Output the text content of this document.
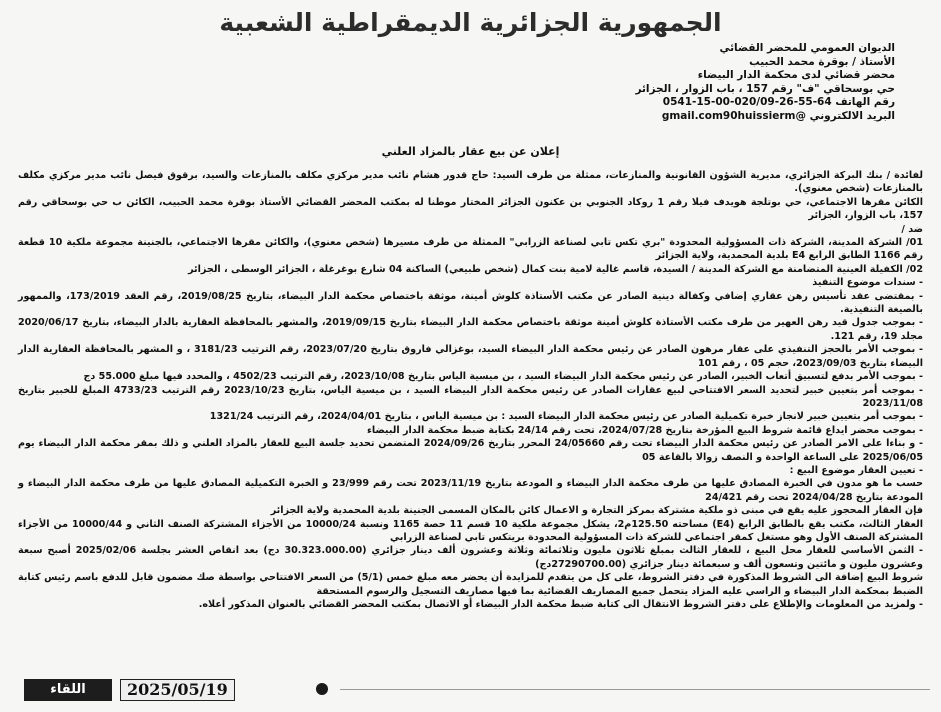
الجمهورية الجزائرية الديمقراطية الشعبية
الديوان العمومي للمحضر القضائي
الأستاذ / بوقرة محمد الحبيب
محضر قضائي لدى محكمة الدار البيضاء
حي بوسحاقي "ف" رقم 157 ، باب الزوار ، الجزائر
رقم الهاتف 64-55-26-020/09-00-15-0541
البريد الالكتروني @gmail.com90huissierm
إعلان عن بيع عقار بالمزاد العلني

لفائدة / بنك البركة الجزائري، مديرية الشؤون القانونية والمنازعات، ممثلة من طرف السيد: حاج قدور هشام نائب مدير مركزي مكلف بالمنازعات والسيد، برقوق فيصل نائب مدير مركزي مكلف بالمنازعات (شخص معنوي).

الكائن مقرها الاجتماعي، حي بوتلجة هويدف فيلا رقم 1 روكاد الجنوبي بن عكنون الجزائر المختار موطنا له بمكتب المحضر القضائي الأستاذ بوقرة محمد الحبيب، الكائن ب حي بوسحاقي رقم 157، باب الزوار، الجزائر

ضد /

01/ الشركة المدينة، الشركة ذات المسؤولية المحدودة "بري تكس تابي لصناعة الزرابي" الممثلة من طرف مسيرها (شخص معنوي)، والكائن مقرها الاجتماعي، بالجنينة مجموعة ملكية 10 قطعة رقم 1166 الطابق الرابع E4 بلدية المحمدية، ولاية الجزائر

02/ الكفيلة العينية المتضامنة مع الشركة المدينة / السيدة، قاسم غالية لامية بنت كمال (شخص طبيعي) الساكنة 04 شارع بوغرغلة ، الجزائر الوسطى ، الجزائر

- سندات موضوع التنفيذ

- بمقتضى عقد تأسيس رهن عقاري إضافي وكفالة دينية الصادر عن مكتب الأستاذة كلوش أمينة، موثقة باختصاص محكمة الدار البيضاء، بتاريخ 2019/08/25، رقم العقد 173/2019، والممهور بالصيغة التنفيذية.

- بموجب جدول قيد رهن العهير من طرف مكتب الأستاذة كلوش أمينة موثقة باختصاص محكمة الدار البيضاء بتاريخ 2019/09/15، والمشهر بالمحافظة العقارية بالدار البيضاء، بتاريخ 2020/06/17 مجلد 19، رقم 121.

- بموجب الأمر بالحجز التنفيذي على عقار مرهون الصادر عن رئيس محكمة الدار البيضاء السيد، بوغزالي فاروق بتاريخ 2023/07/20، رقم الترتيب 3181/23 ، و المشهر بالمحافظة العقارية الدار البيضاء بتاريخ 2023/09/03، حجم 05 ، رقم 101

- بموجب الأمر بدفع لتسبيق أتعاب الخبير، الصادر عن رئيس محكمة الدار البيضاء السيد ، بن ميسية الياس بتاريخ 2023/10/08، رقم الترتيب 4502/23 ، والمحدد فيها مبلغ 55.000 دج

- بموجب أمر بتعيين خبير لتحديد السعر الافتتاحي لبيع عقارات الصادر عن رئيس محكمة الدار البيضاء السيد ، بن ميسية الياس، بتاريخ 2023/10/23 رقم الترتيب 4733/23 المبلغ للخبير بتاريخ 2023/11/08

- بموجب أمر بتعيين خبير لانجاز خبرة تكميلية الصادر عن رئيس محكمة الدار البيضاء السيد : بن ميسية الياس ، بتاريخ 2024/04/01، رقم الترتيب 1321/24

- بموجب محضر ايداع قائمة شروط البيع المؤرخة بتاريخ 2024/07/28، تحت رقم 24/14 بكتابة ضبط محكمة الدار البيضاء

- و بناءا على الامر الصادر عن رئيس محكمة الدار البيضاء تحت رقم 24/05660 المحرر بتاريخ 2024/09/26 المتضمن تحديد جلسة البيع للعقار بالمزاد العلني و ذلك بمقر محكمة الدار البيضاء يوم 2025/06/05 على الساعة الواحدة و النصف زوالا بالقاعة 05

- تعيين العقار موضوع البيع :

حسب ما هو مدون في الخبرة المصادق عليها من طرف محكمة الدار البيضاء و المودعة بتاريخ 2023/11/19 تحت رقم 23/999 و الخبرة التكميلية المصادق عليها من طرف محكمة الدار البيضاء و المودعة بتاريخ 2024/04/28 تحت رقم 24/421

فإن العقار المحجوز عليه يقع في مبنى ذو ملكية مشتركة بمركز التجارة و الاعمال كائن بالمكان المسمى الجنينة بلدية المحمدية ولاية الجزائر

العقار الثالث، مكتب يقع بالطابق الرابع (E4) مساحته 125.50م2، يشكل مجموعة ملكية 10 قسم 11 حصة 1165 ونسبة 10000/24 من الأجزاء المشتركة الصنف الثاني و 10000/44 من الأجزاء المشتركة الصنف الأول وهو مستغل كمقر اجتماعي للشركة ذات المسؤولية المحدودة بريتكس تابي لصناعة الزرابي

- الثمن الأساسي للعقار محل البيع ، للعقار الثالث بمبلغ ثلاثون مليون وثلاثمائة وثلاثة وعشرون ألف دينار جزائري (30.323.000.00 دج) بعد انقاص العشر بجلسة 2025/02/06 أصبح سبعة وعشرون مليون و مائتين وتسعون ألف و سبعمائة دينار جزائري (27290700.00دج)

شروط البيع إضافة الى الشروط المذكورة في دفتر الشروط، على كل من يتقدم للمزايدة أن يحضر معه مبلغ خمس (5/1) من السعر الافتتاحي بواسطة صك مضمون قابل للدفع باسم رئيس كتابة الضبط بمحكمة الدار البيضاء و الراسي عليه المزاد يتحمل جميع المصاريف القضائية بما فيها مصاريف التسجيل والرسوم المستحقة

- ولمزيد من المعلومات والإطلاع على دفتر الشروط الانتقال الى كتابة ضبط محكمة الدار البيضاء أو الاتصال بمكتب المحضر القضائي بالعنوان المذكور أعلاه.

2025/05/19
اللقاء
